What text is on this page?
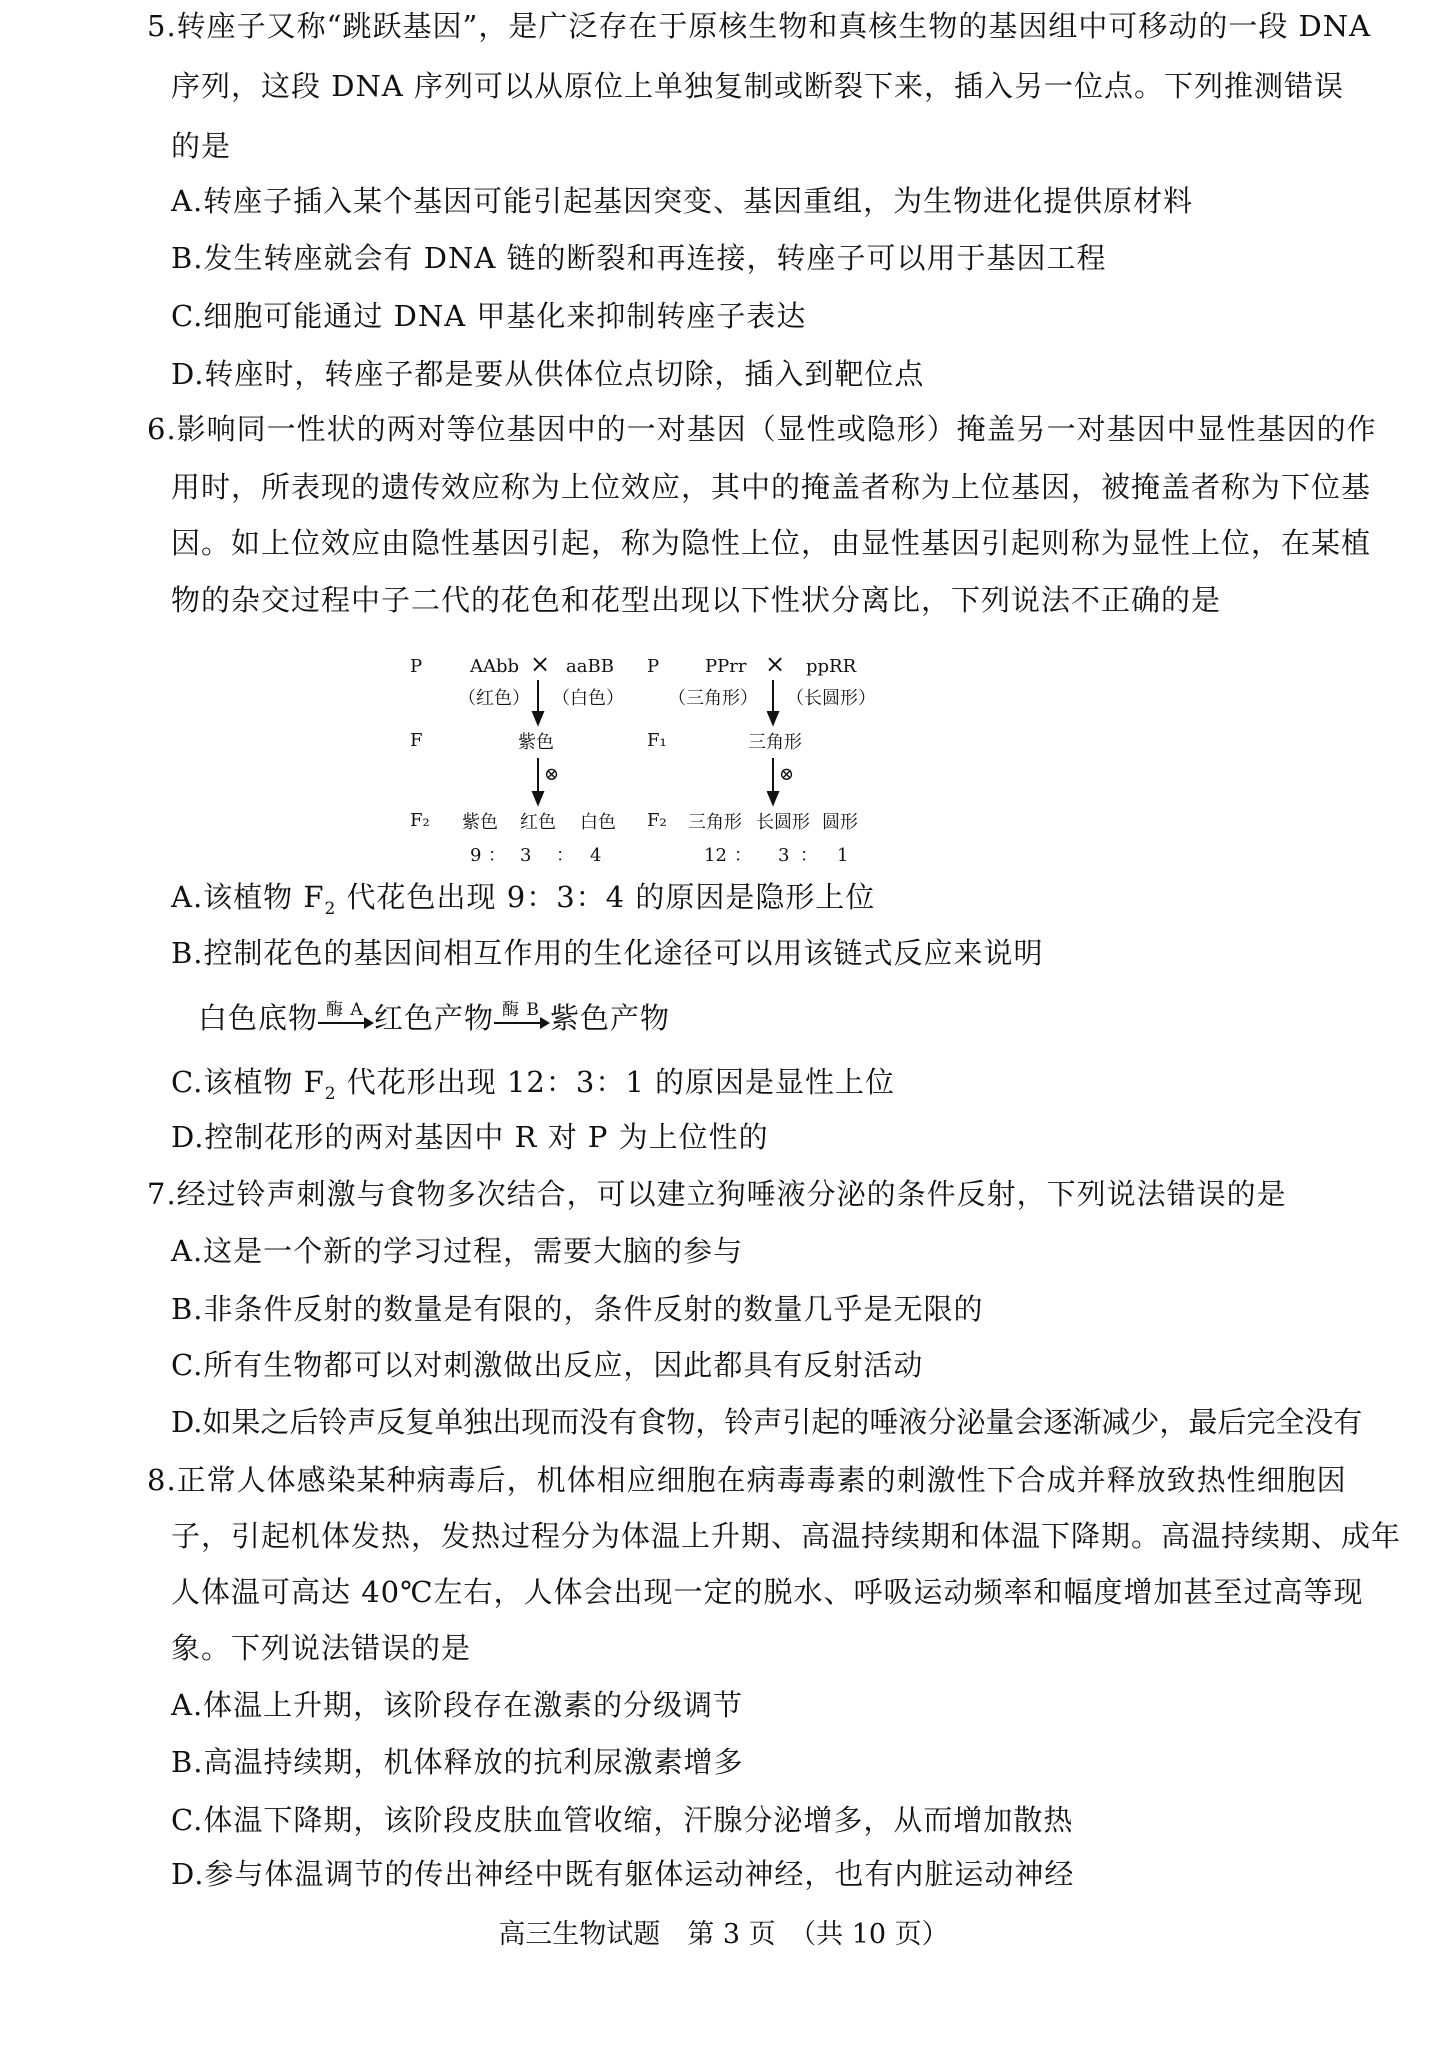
5.转座子又称“跳跃基因”，是广泛存在于原核生物和真核生物的基因组中可移动的一段 DNA
序列，这段 DNA 序列可以从原位上单独复制或断裂下来，插入另一位点。下列推测错误
的是
A.转座子插入某个基因可能引起基因突变、基因重组，为生物进化提供原材料
B.发生转座就会有 DNA 链的断裂和再连接，转座子可以用于基因工程
C.细胞可能通过 DNA 甲基化来抑制转座子表达
D.转座时，转座子都是要从供体位点切除，插入到靶位点
6.影响同一性状的两对等位基因中的一对基因（显性或隐形）掩盖另一对基因中显性基因的作
用时，所表现的遗传效应称为上位效应，其中的掩盖者称为上位基因，被掩盖者称为下位基
因。如上位效应由隐性基因引起，称为隐性上位，由显性基因引起则称为显性上位，在某植
物的杂交过程中子二代的花色和花型出现以下性状分离比，下列说法不正确的是
P	AAbb × aaBB
（红色） （白色）
F	紫色
⊗
F₂ 紫色 红色 白色
9 ： 3 ： 4
P	PPrr × ppRR
（三角形） （长圆形）
F₁	三角形
⊗
F₂ 三角形 长圆形 圆形
12 ： 3 ： 1
A.该植物 $F_2$ 代花色出现 9：3：4 的原因是隐形上位
B.控制花色的基因间相互作用的生化途径可以用该链式反应来说明
白色底物 酶 A 红色产物 酶 B 紫色产物
C.该植物 $F_2$ 代花形出现 12：3：1 的原因是显性上位
D.控制花形的两对基因中 R 对 P 为上位性的
7.经过铃声刺激与食物多次结合，可以建立狗唾液分泌的条件反射，下列说法错误的是
A.这是一个新的学习过程，需要大脑的参与
B.非条件反射的数量是有限的，条件反射的数量几乎是无限的
C.所有生物都可以对刺激做出反应，因此都具有反射活动
D.如果之后铃声反复单独出现而没有食物，铃声引起的唾液分泌量会逐渐减少，最后完全没有
8.正常人体感染某种病毒后，机体相应细胞在病毒毒素的刺激性下合成并释放致热性细胞因
子，引起机体发热，发热过程分为体温上升期、高温持续期和体温下降期。高温持续期、成年
人体温可高达 40℃左右，人体会出现一定的脱水、呼吸运动频率和幅度增加甚至过高等现
象。下列说法错误的是
A.体温上升期，该阶段存在激素的分级调节
B.高温持续期，机体释放的抗利尿激素增多
C.体温下降期，该阶段皮肤血管收缩，汗腺分泌增多，从而增加散热
D.参与体温调节的传出神经中既有躯体运动神经，也有内脏运动神经
高三生物试题　第 3 页　（共 10 页）
